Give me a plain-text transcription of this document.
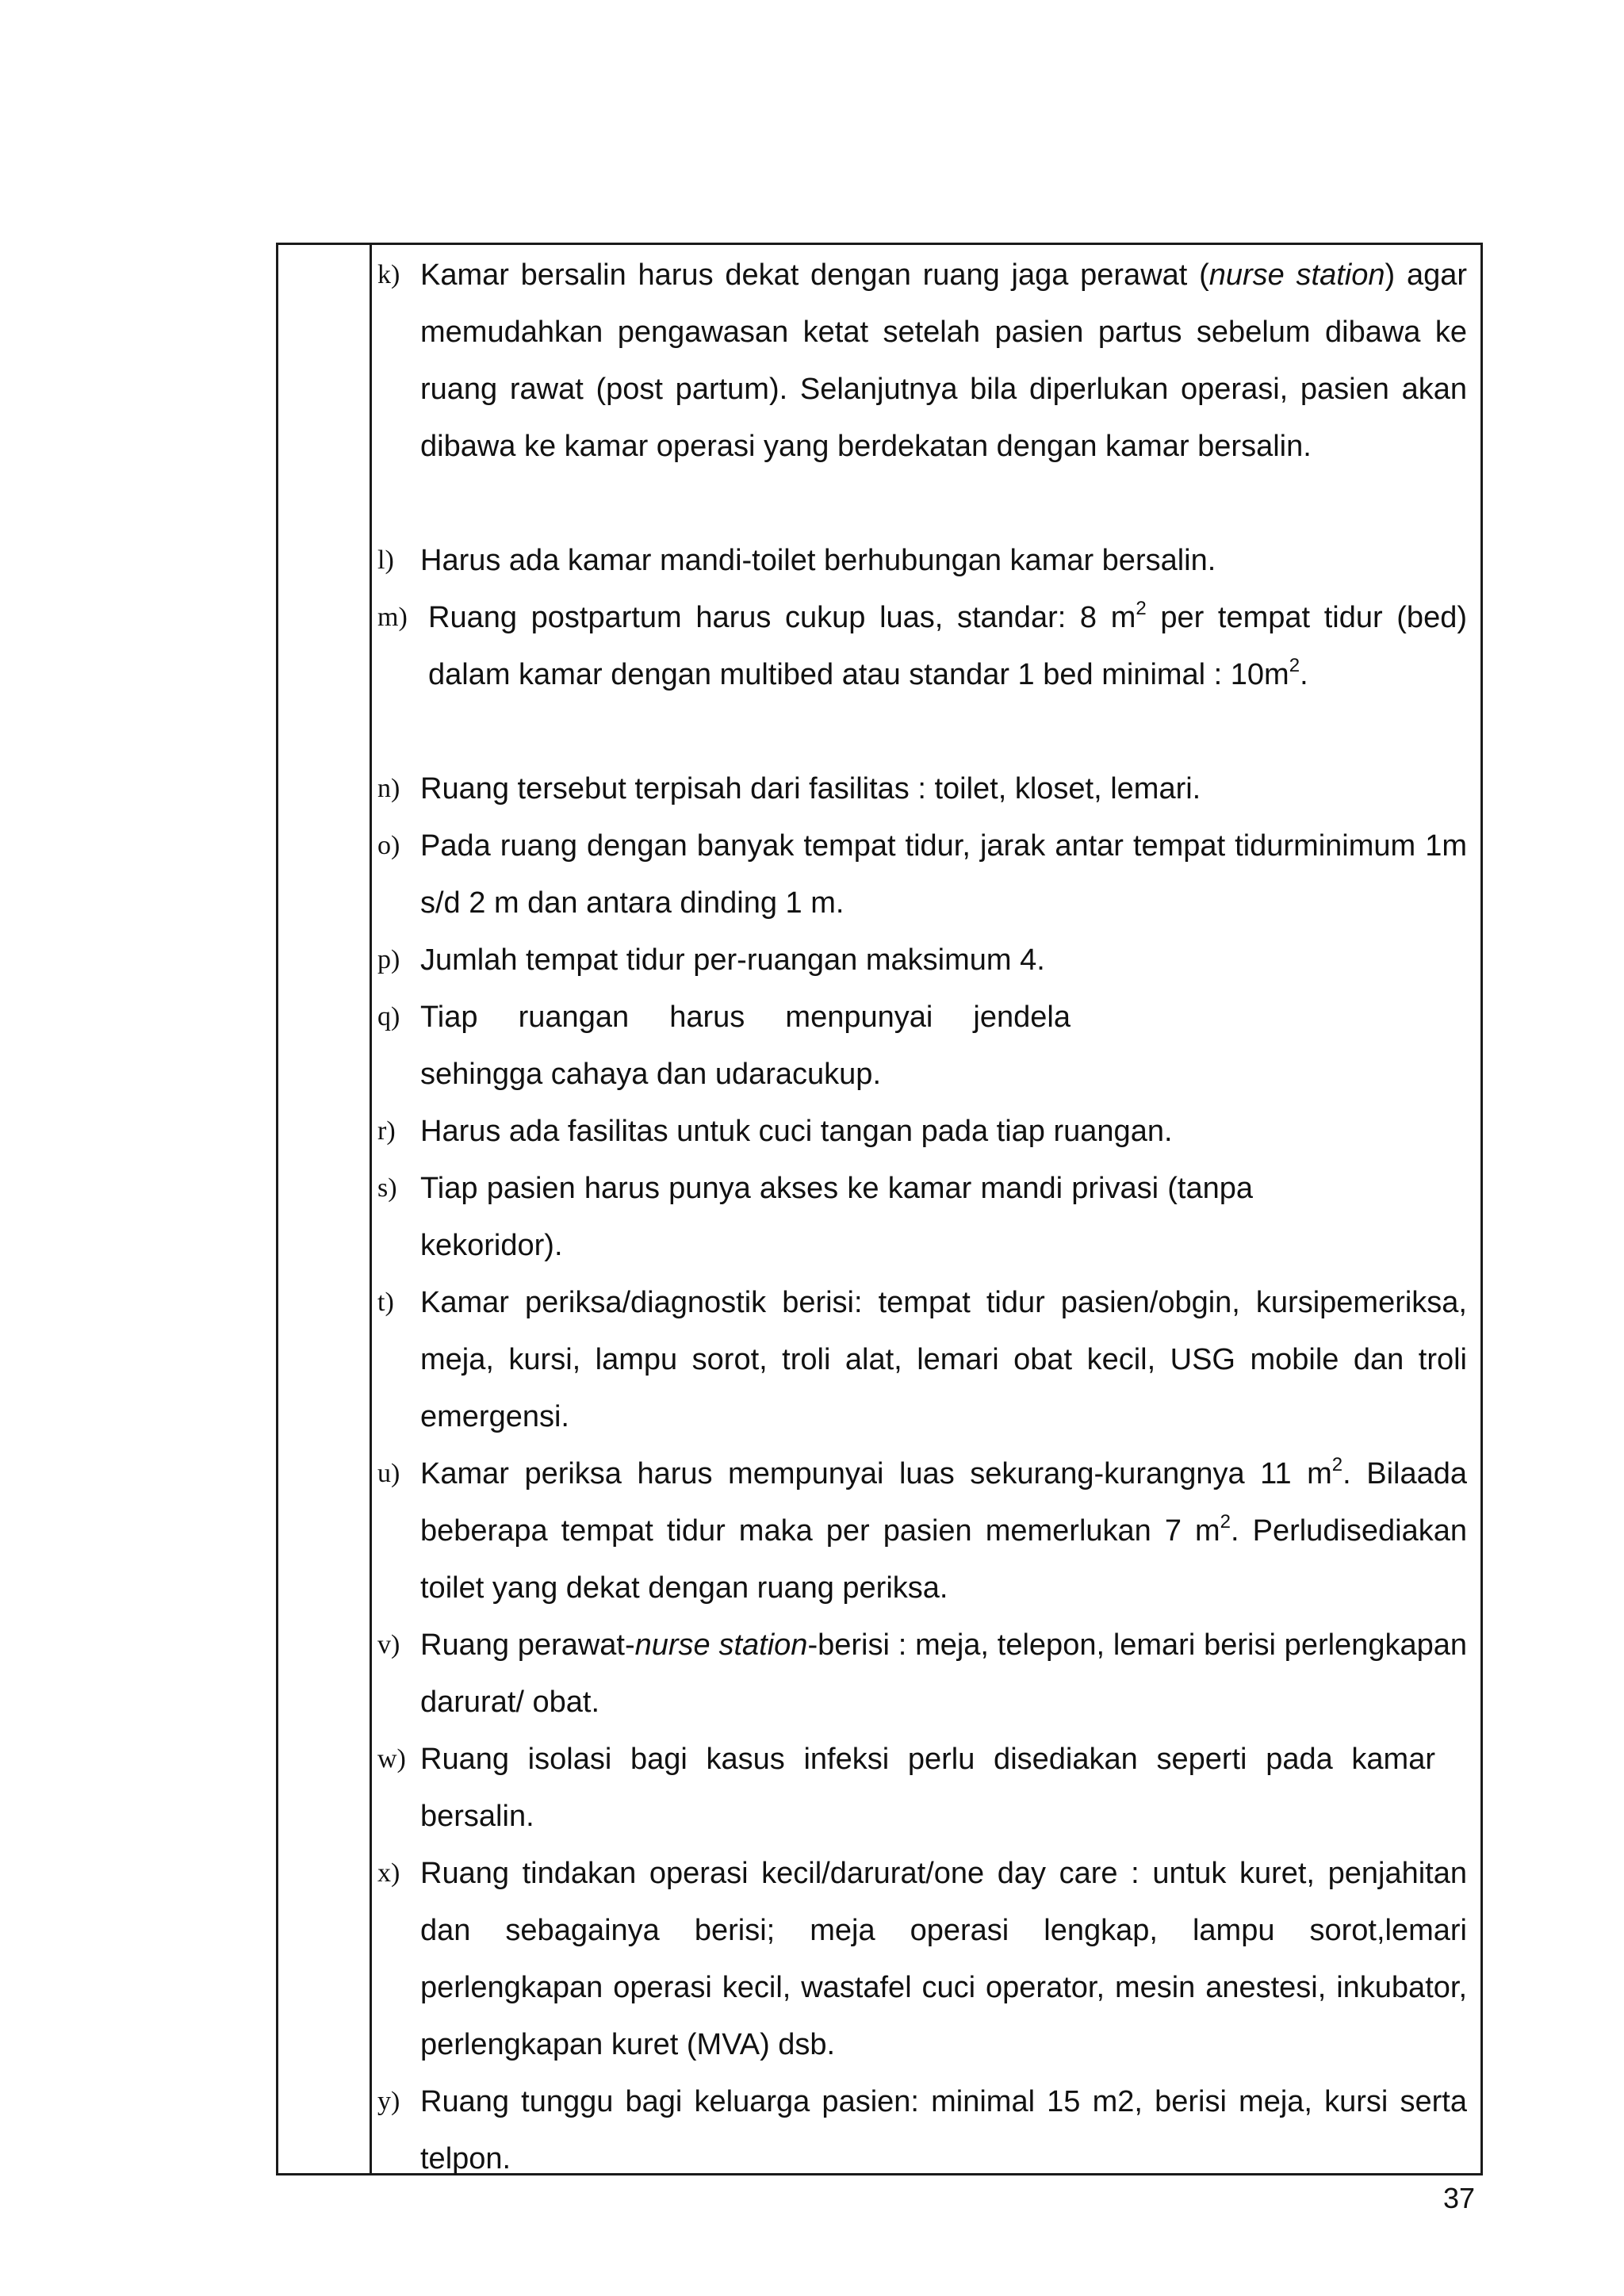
k) Kamar bersalin harus dekat dengan ruang jaga perawat (nurse station) agar memudahkan pengawasan ketat setelah pasien partus sebelum dibawa ke ruang rawat (post partum). Selanjutnya bila diperlukan operasi, pasien akan dibawa ke kamar operasi yang berdekatan dengan kamar bersalin.
l) Harus ada kamar mandi-toilet berhubungan kamar bersalin.
m) Ruang postpartum harus cukup luas, standar: 8 $m^2$ per tempat tidur (bed) dalam kamar dengan multibed atau standar 1 bed minimal : $10m^2$.
n) Ruang tersebut terpisah dari fasilitas : toilet, kloset, lemari.
o) Pada ruang dengan banyak tempat tidur, jarak antar tempat tidurminimum 1m s/d 2 m dan antara dinding 1 m.
p) Jumlah tempat tidur per-ruangan maksimum 4.
q) Tiap ruangan harus menpunyai jendela sehingga cahaya dan udaracukup.
r) Harus ada fasilitas untuk cuci tangan pada tiap ruangan.
s) Tiap pasien harus punya akses ke kamar mandi privasi (tanpa kekoridor).
t) Kamar periksa/diagnostik berisi: tempat tidur pasien/obgin, kursipemeriksa, meja, kursi, lampu sorot, troli alat, lemari obat kecil, USG mobile dan troli emergensi.
u) Kamar periksa harus mempunyai luas sekurang-kurangnya 11 $m^2$. Bilaada beberapa tempat tidur maka per pasien memerlukan 7 $m^2$. Perludisediakan toilet yang dekat dengan ruang periksa.
v) Ruang perawat-nurse station-berisi : meja, telepon, lemari berisi perlengkapan darurat/ obat.
w) Ruang isolasi bagi kasus infeksi perlu disediakan seperti pada kamar bersalin.
x) Ruang tindakan operasi kecil/darurat/one day care : untuk kuret, penjahitan dan sebagainya berisi; meja operasi lengkap, lampu sorot,lemari perlengkapan operasi kecil, wastafel cuci operator, mesin anestesi, inkubator, perlengkapan kuret (MVA) dsb.
y) Ruang tunggu bagi keluarga pasien: minimal 15 m2, berisi meja, kursi serta telpon.
37
